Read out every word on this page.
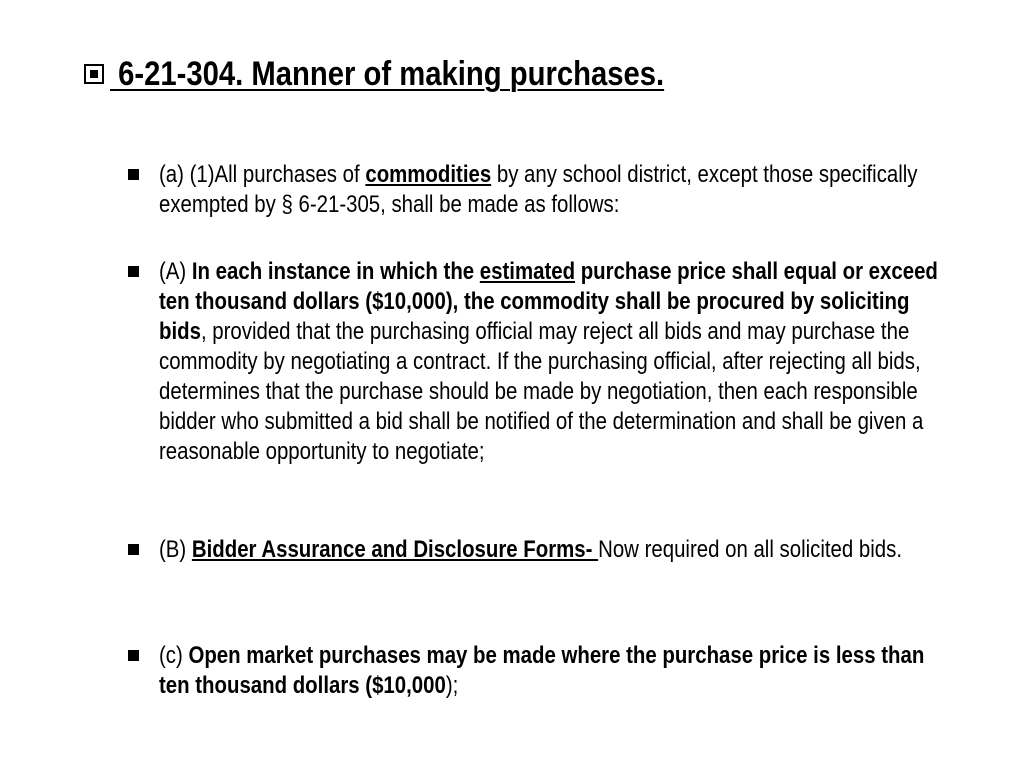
6-21-304. Manner of making purchases.
(a) (1)All purchases of commodities by any school district, except those specifically exempted by § 6-21-305, shall be made as follows:
(A) In each instance in which the estimated purchase price shall equal or exceed ten thousand dollars ($10,000), the commodity shall be procured by soliciting bids, provided that the purchasing official may reject all bids and may purchase the commodity by negotiating a contract. If the purchasing official, after rejecting all bids, determines that the purchase should be made by negotiation, then each responsible bidder who submitted a bid shall be notified of the determination and shall be given a reasonable opportunity to negotiate;
(B) Bidder Assurance and Disclosure Forms- Now required on all solicited bids.
(c) Open market purchases may be made where the purchase price is less than ten thousand dollars ($10,000);
